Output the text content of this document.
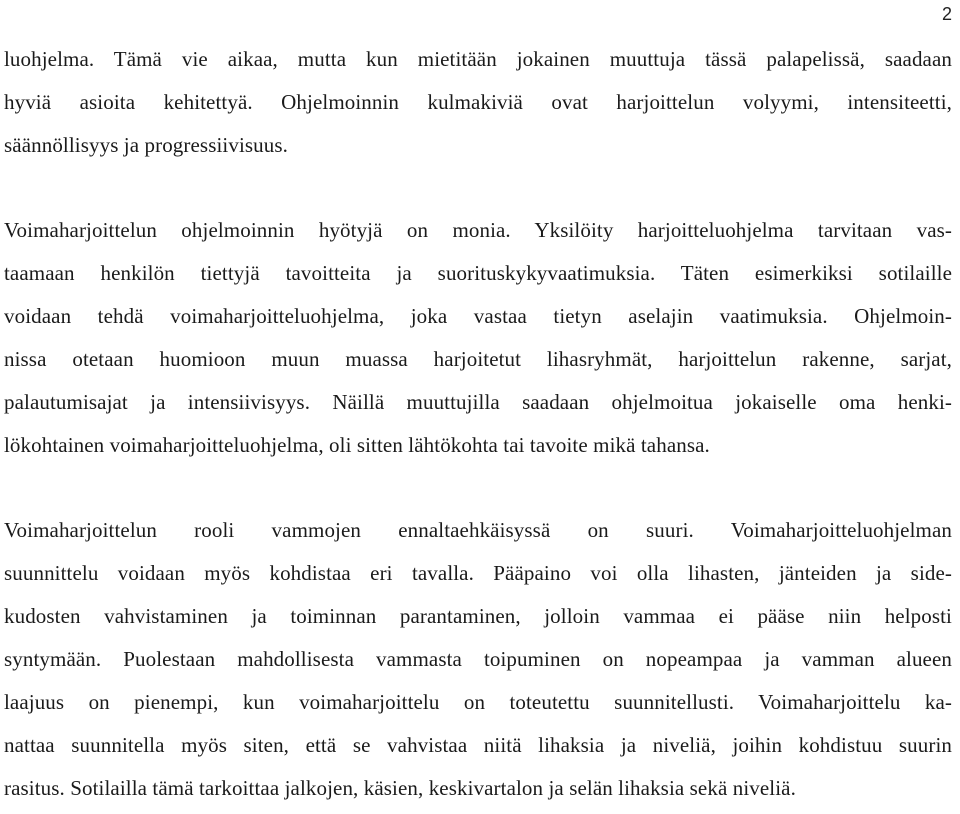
2
luohjelma. Tämä vie aikaa, mutta kun mietitään jokainen muuttuja tässä palapelissä, saadaan
hyviä asioita kehitettyä. Ohjelmoinnin kulmakiviä ovat harjoittelun volyymi, intensiteetti,
säännöllisyys ja progressiivisuus.
Voimaharjoittelun ohjelmoinnin hyötyjä on monia. Yksilöity harjoitteluohjelma tarvitaan vas-
taamaan henkilön tiettyjä tavoitteita ja suorituskykyvaatimuksia. Täten esimerkiksi sotilaille
voidaan tehdä voimaharjoitteluohjelma, joka vastaa tietyn aselajin vaatimuksia. Ohjelmoin-
nissa otetaan huomioon muun muassa harjoitetut lihasryhmät, harjoittelun rakenne, sarjat,
palautumisajat ja intensiivisyys. Näillä muuttujilla saadaan ohjelmoitua jokaiselle oma henki-
lökohtainen voimaharjoitteluohjelma, oli sitten lähtökohta tai tavoite mikä tahansa.
Voimaharjoittelun rooli vammojen ennaltaehkäisyssä on suuri. Voimaharjoitteluohjelman
suunnittelu voidaan myös kohdistaa eri tavalla. Pääpaino voi olla lihasten, jänteiden ja side-
kudosten vahvistaminen ja toiminnan parantaminen, jolloin vammaa ei pääse niin helposti
syntymään. Puolestaan mahdollisesta vammasta toipuminen on nopeampaa ja vamman alueen
laajuus on pienempi, kun voimaharjoittelu on toteutettu suunnitellusti. Voimaharjoittelu ka-
nattaa suunnitella myös siten, että se vahvistaa niitä lihaksia ja niveliä, joihin kohdistuu suurin
rasitus. Sotilailla tämä tarkoittaa jalkojen, käsien, keskivartalon ja selän lihaksia sekä niveliä.
